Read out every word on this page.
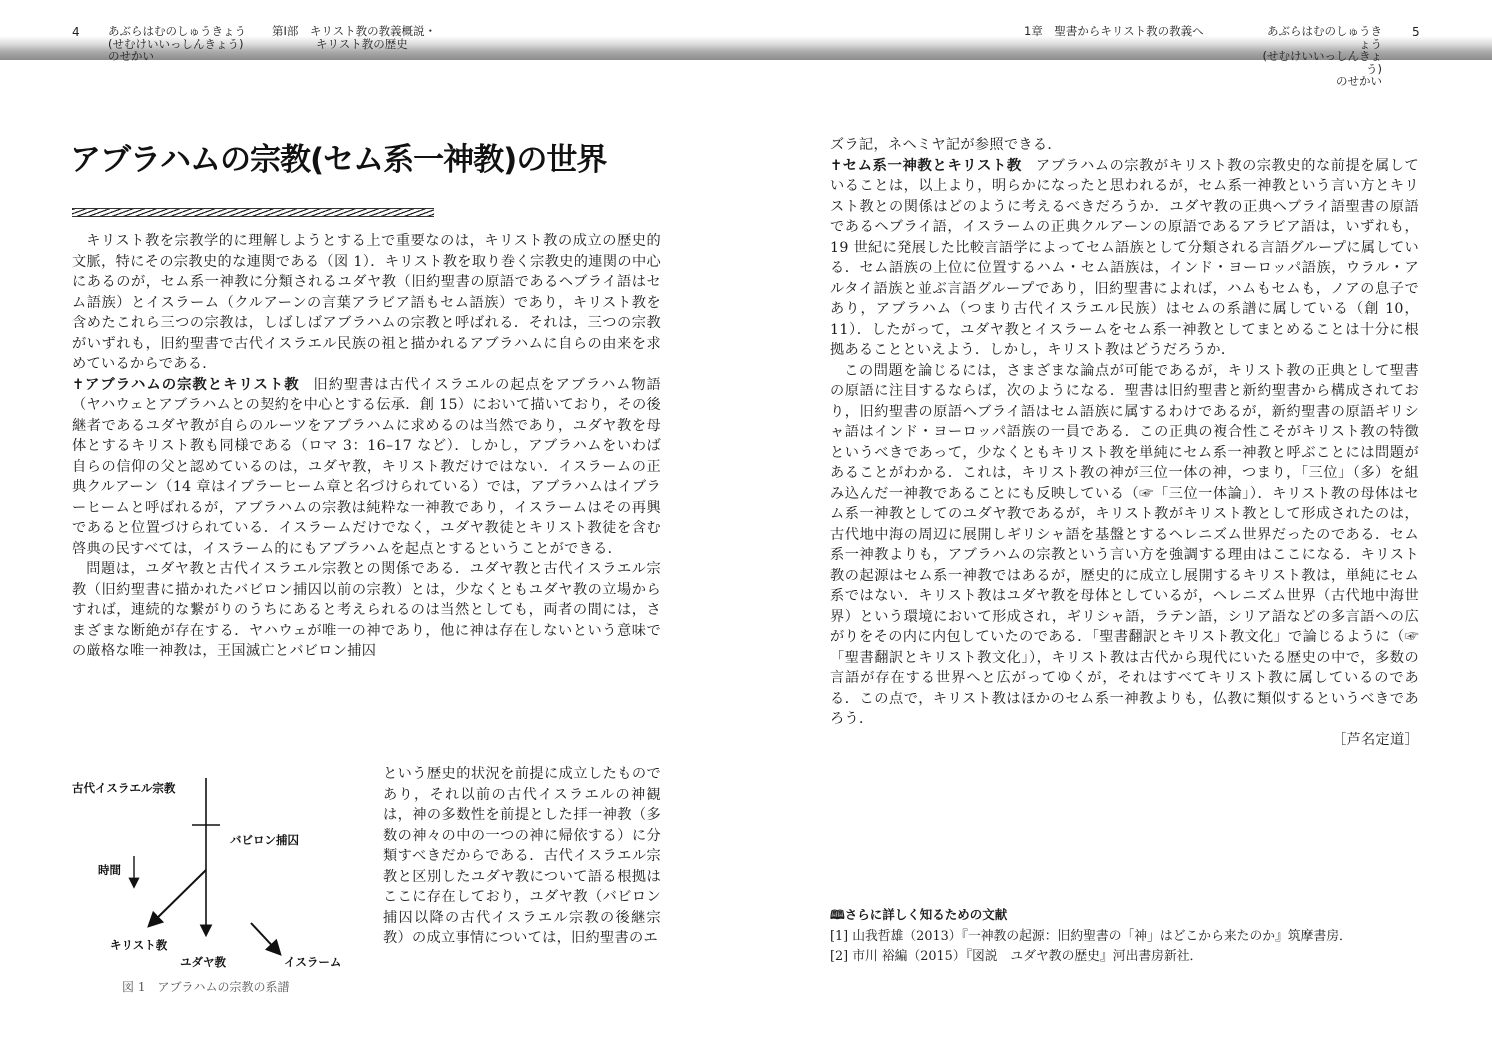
4 あぶらはむのしゅうきょう
(せむけいいっしんきょう)
のせかい
第Ⅰ部　キリスト教の教義概説・
キリスト教の歴史
1章　聖書からキリスト教の教義へ	あぶらはむのしゅうきょう
(せむけいいっしんきょう)
のせかい
5
アブラハムの宗教(セム系一神教)の世界

キリスト教を宗教学的に理解しようとする上で重要なのは，キリスト教の成立の歴史的文脈，特にその宗教史的な連関である（図 1）．キリスト教を取り巻く宗教史的連関の中心にあるのが，セム系一神教に分類されるユダヤ教（旧約聖書の原語であるヘブライ語はセム語族）とイスラーム（クルアーンの言葉アラビア語もセム語族）であり，キリスト教を含めたこれら三つの宗教は，しばしばアブラハムの宗教と呼ばれる．それは，三つの宗教がいずれも，旧約聖書で古代イスラエル民族の祖と描かれるアブラハムに自らの由来を求めているからである．

✝アブラハムの宗教とキリスト教 旧約聖書は古代イスラエルの起点をアブラハム物語（ヤハウェとアブラハムとの契約を中心とする伝承．創 15）において描いており，その後継者であるユダヤ教が自らのルーツをアブラハムに求めるのは当然であり，ユダヤ教を母体とするキリスト教も同様である（ロマ 3：16–17 など）．しかし，アブラハムをいわば自らの信仰の父と認めているのは，ユダヤ教，キリスト教だけではない．イスラームの正典クルアーン（14 章はイブラーヒーム章と名づけられている）では，アブラハムはイブラーヒームと呼ばれるが，アブラハムの宗教は純粋な一神教であり，イスラームはその再興であると位置づけられている．イスラームだけでなく，ユダヤ教徒とキリスト教徒を含む啓典の民すべては，イスラーム的にもアブラハムを起点とするということができる．

問題は，ユダヤ教と古代イスラエル宗教との関係である．ユダヤ教と古代イスラエル宗教（旧約聖書に描かれたバビロン捕囚以前の宗教）とは，少なくともユダヤ教の立場からすれば，連続的な繋がりのうちにあると考えられるのは当然としても，両者の間には，さまざまな断絶が存在する．ヤハウェが唯一の神であり，他に神は存在しないという意味での厳格な唯一神教は，王国滅亡とバビロン捕囚

古代イスラエル宗教
バビロン捕囚
時間
キリスト教
ユダヤ教	イスラーム
図 1　アブラハムの宗教の系譜

という歴史的状況を前提に成立したものであり，それ以前の古代イスラエルの神観は，神の多数性を前提とした拝一神教（多数の神々の中の一つの神に帰依する）に分類すべきだからである．古代イスラエル宗教と区別したユダヤ教について語る根拠はここに存在しており，ユダヤ教（バビロン捕囚以降の古代イスラエル宗教の後継宗教）の成立事情については，旧約聖書のエ

ズラ記，ネヘミヤ記が参照できる．

✝セム系一神教とキリスト教 アブラハムの宗教がキリスト教の宗教史的な前提を属していることは，以上より，明らかになったと思われるが，セム系一神教という言い方とキリスト教との関係はどのように考えるべきだろうか．ユダヤ教の正典ヘブライ語聖書の原語であるヘブライ語，イスラームの正典クルアーンの原語であるアラビア語は，いずれも，19 世紀に発展した比較言語学によってセム語族として分類される言語グループに属している．セム語族の上位に位置するハム・セム語族は，インド・ヨーロッパ語族，ウラル・アルタイ語族と並ぶ言語グループであり，旧約聖書によれば，ハムもセムも，ノアの息子であり，アブラハム（つまり古代イスラエル民族）はセムの系譜に属している（創 10，11）．したがって，ユダヤ教とイスラームをセム系一神教としてまとめることは十分に根拠あることといえよう．しかし，キリスト教はどうだろうか．

この問題を論じるには，さまざまな論点が可能であるが，キリスト教の正典として聖書の原語に注目するならば，次のようになる．聖書は旧約聖書と新約聖書から構成されており，旧約聖書の原語ヘブライ語はセム語族に属するわけであるが，新約聖書の原語ギリシャ語はインド・ヨーロッパ語族の一員である．この正典の複合性こそがキリスト教の特徴というべきであって，少なくともキリスト教を単純にセム系一神教と呼ぶことには問題があることがわかる．これは，キリスト教の神が三位一体の神，つまり，「三位」（多）を組み込んだ一神教であることにも反映している（☞「三位一体論」）．キリスト教の母体はセム系一神教としてのユダヤ教であるが，キリスト教がキリスト教として形成されたのは，古代地中海の周辺に展開しギリシャ語を基盤とするヘレニズム世界だったのである．セム系一神教よりも，アブラハムの宗教という言い方を強調する理由はここになる．キリスト教の起源はセム系一神教ではあるが，歴史的に成立し展開するキリスト教は，単純にセム系ではない．キリスト教はユダヤ教を母体としているが，ヘレニズム世界（古代地中海世界）という環境において形成され，ギリシャ語，ラテン語，シリア語などの多言語への広がりをその内に内包していたのである．「聖書翻訳とキリスト教文化」で論じるように（☞「聖書翻訳とキリスト教文化」），キリスト教は古代から現代にいたる歴史の中で，多数の言語が存在する世界へと広がってゆくが，それはすべてキリスト教に属しているのである．この点で，キリスト教はほかのセム系一神教よりも，仏教に類似するというべきであろう．

［芦名定道］

🕮さらに詳しく知るための文献
[1] 山我哲雄（2013）『一神教の起源：旧約聖書の「神」はどこから来たのか』筑摩書房．
[2] 市川 裕編（2015）『図説　ユダヤ教の歴史』河出書房新社．
